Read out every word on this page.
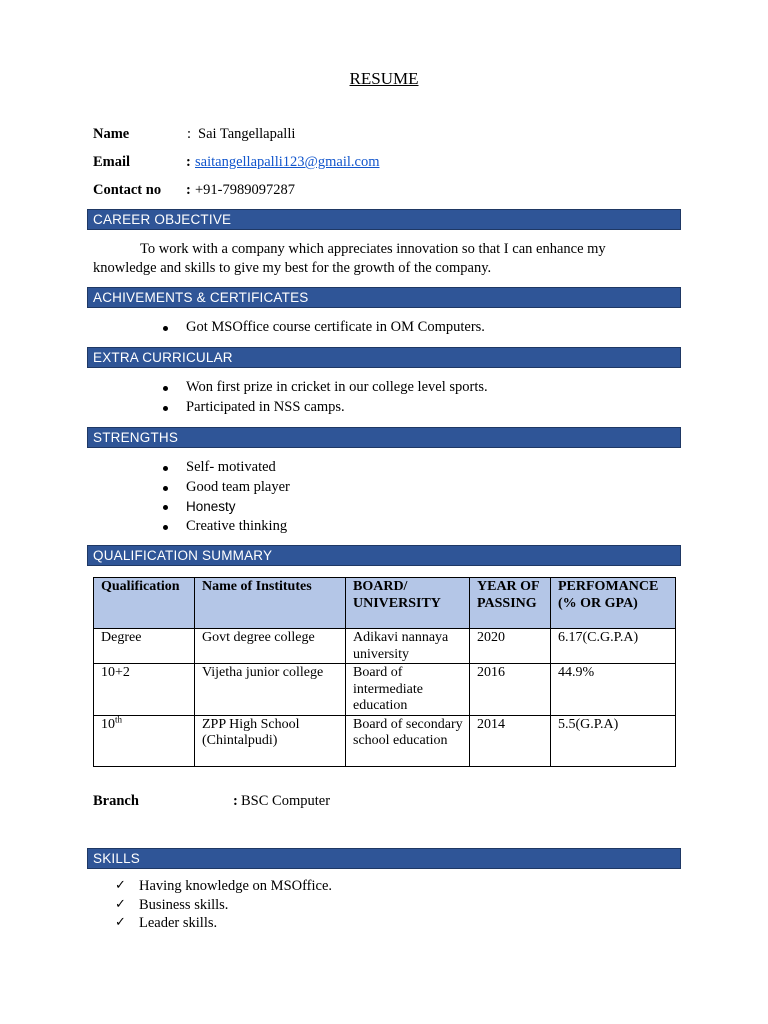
RESUME
Name	: Sai Tangellapalli
Email	: saitangellapalli123@gmail.com
Contact no : +91-7989097287
CAREER OBJECTIVE
To work with a company which appreciates innovation so that I can enhance my knowledge and skills to give my best for the growth of the company.
ACHIVEMENTS & CERTIFICATES
Got MSOffice course certificate in OM Computers.
EXTRA CURRICULAR
Won first prize in cricket in our college level sports.
Participated in NSS camps.
STRENGTHS
Self- motivated
Good team player
Honesty
Creative thinking
QUALIFICATION SUMMARY
Qualification	Name of Institutes	BOARD/ UNIVERSITY	YEAR OF PASSING	PERFOMANCE (% OR GPA)
Degree	Govt degree college	Adikavi nannaya university	2020	6.17(C.G.P.A)
10+2	Vijetha junior college	Board of intermediate education	2016	44.9%
10th	ZPP High School (Chintalpudi)	Board of secondary school education	2014	5.5(G.P.A)
Branch	: BSC Computer
SKILLS
✓ Having knowledge on MSOffice.
✓ Business skills.
✓ Leader skills.
